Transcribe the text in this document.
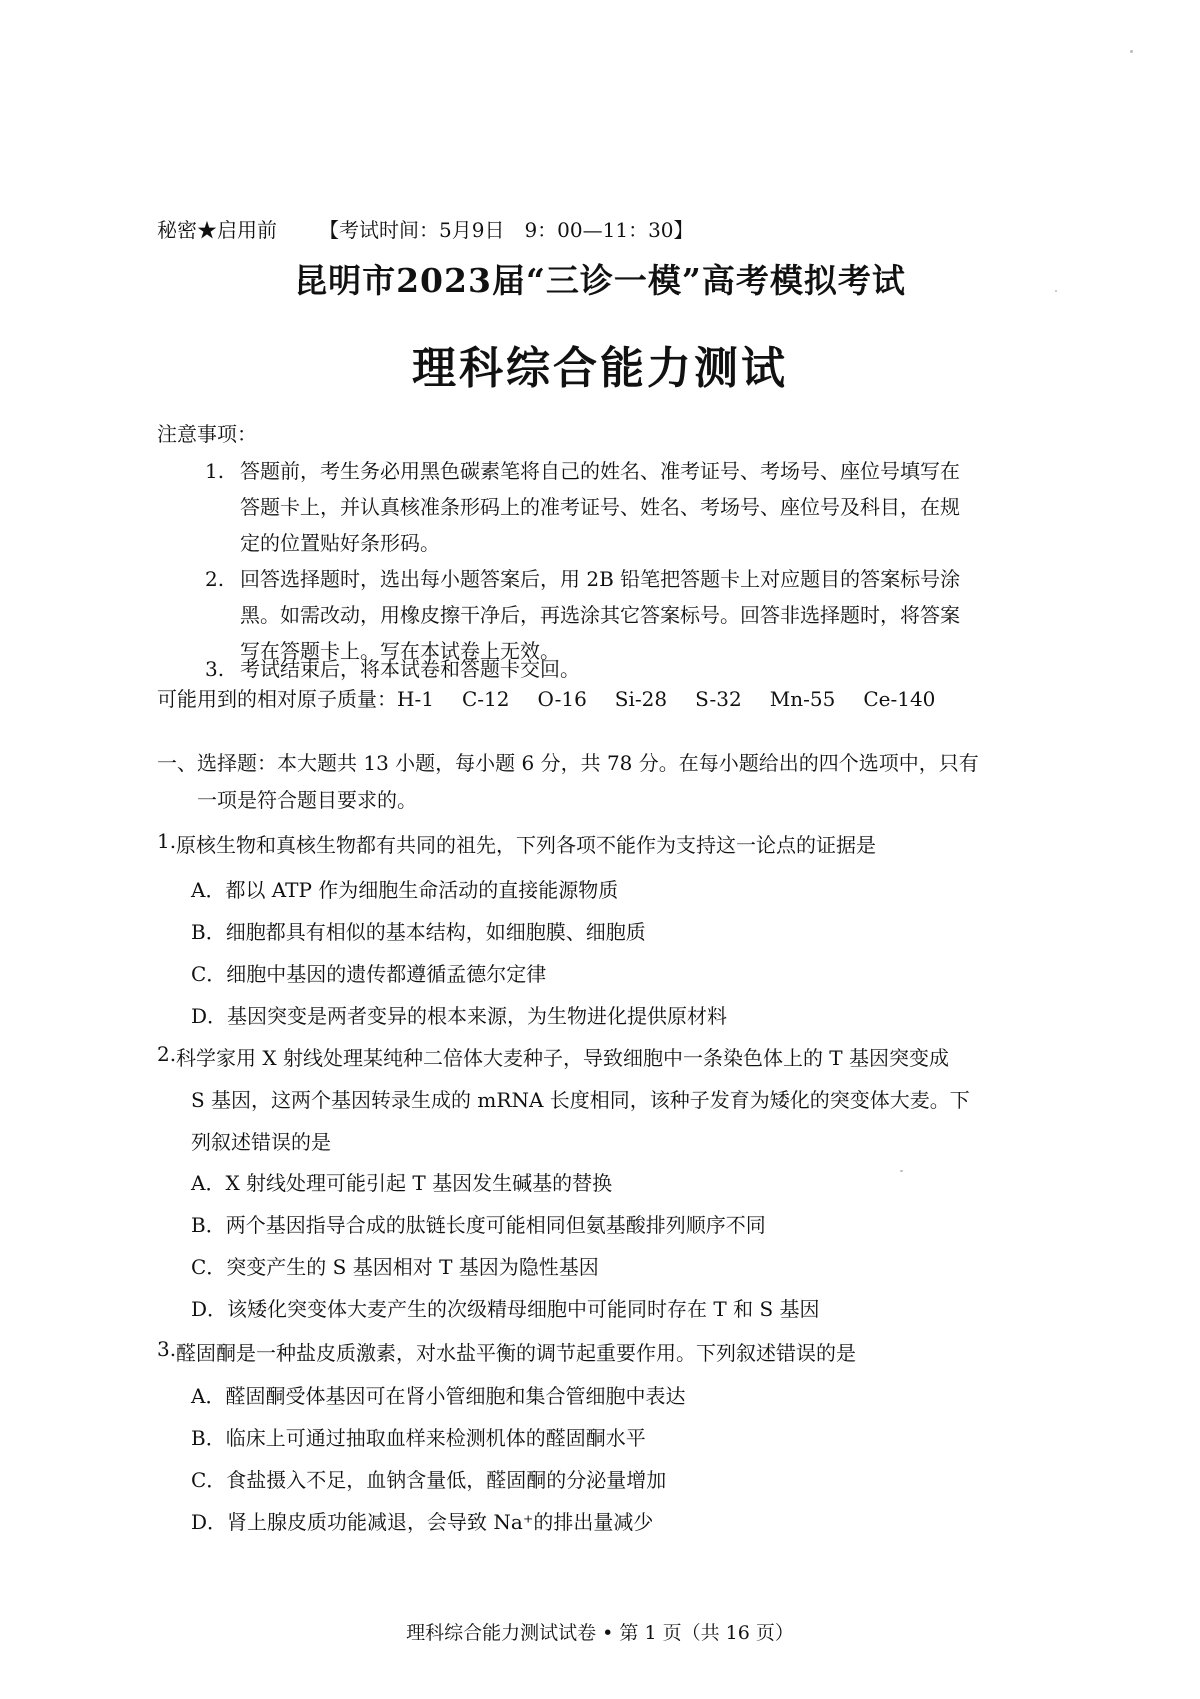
秘密★启用前 【考试时间：5月9日　9：00—11：30】
昆明市2023届“三诊一模”高考模拟考试
理科综合能力测试
注意事项：
1. 答题前，考生务必用黑色碳素笔将自己的姓名、准考证号、考场号、座位号填写在
答题卡上，并认真核准条形码上的准考证号、姓名、考场号、座位号及科目，在规
定的位置贴好条形码。
2. 回答选择题时，选出每小题答案后，用 2B 铅笔把答题卡上对应题目的答案标号涂
黑。如需改动，用橡皮擦干净后，再选涂其它答案标号。回答非选择题时，将答案
写在答题卡上。写在本试卷上无效。
3. 考试结束后，将本试卷和答题卡交回。
可能用到的相对原子质量：H-1 C-12 O-16 Si-28 S-32 Mn-55 Ce-140
一、选择题：本大题共 13 小题，每小题 6 分，共 78 分。在每小题给出的四个选项中，只有
一项是符合题目要求的。
1. 原核生物和真核生物都有共同的祖先，下列各项不能作为支持这一论点的证据是
A．都以 ATP 作为细胞生命活动的直接能源物质
B．细胞都具有相似的基本结构，如细胞膜、细胞质
C．细胞中基因的遗传都遵循孟德尔定律
D．基因突变是两者变异的根本来源，为生物进化提供原材料
2. 科学家用 X 射线处理某纯种二倍体大麦种子，导致细胞中一条染色体上的 T 基因突变成
S 基因，这两个基因转录生成的 mRNA 长度相同，该种子发育为矮化的突变体大麦。下
列叙述错误的是
A．X 射线处理可能引起 T 基因发生碱基的替换
B．两个基因指导合成的肽链长度可能相同但氨基酸排列顺序不同
C．突变产生的 S 基因相对 T 基因为隐性基因
D．该矮化突变体大麦产生的次级精母细胞中可能同时存在 T 和 S 基因
3. 醛固酮是一种盐皮质激素，对水盐平衡的调节起重要作用。下列叙述错误的是
A．醛固酮受体基因可在肾小管细胞和集合管细胞中表达
B．临床上可通过抽取血样来检测机体的醛固酮水平
C．食盐摄入不足，血钠含量低，醛固酮的分泌量增加
D．肾上腺皮质功能减退，会导致 Na⁺的排出量减少
理科综合能力测试试卷 • 第 1 页（共 16 页）
